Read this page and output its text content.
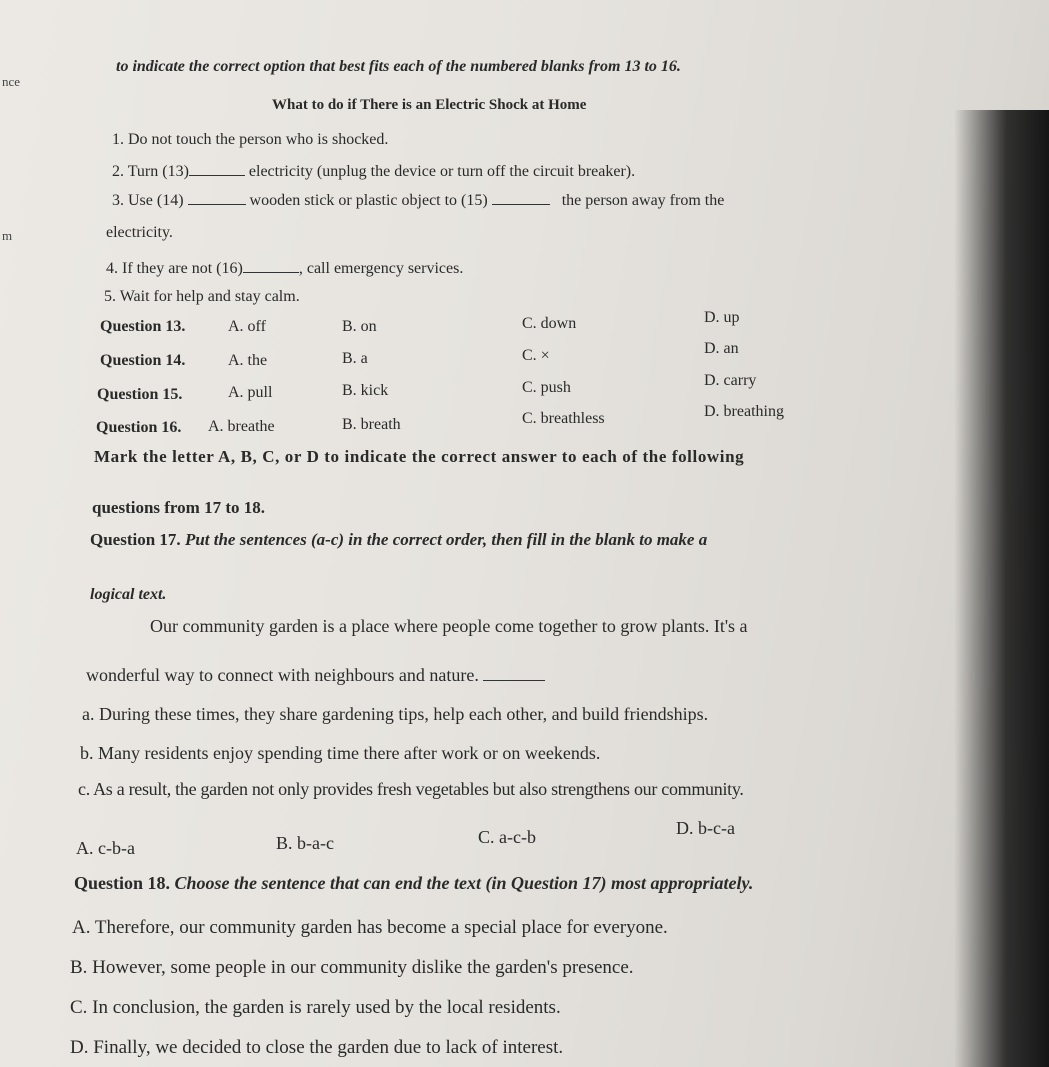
nce
m
to indicate the correct option that best fits each of the numbered blanks from 13 to 16.
What to do if There is an Electric Shock at Home
1. Do not touch the person who is shocked.
2. Turn (13)	electricity (unplug the device or turn off the circuit breaker).
3. Use (14)	wooden stick or plastic object to (15)	the person away from the
electricity.
4. If they are not (16)	, call emergency services.
5. Wait for help and stay calm.
Question 13.	A. off	B. on	C. down	D. up
Question 14.	A. the	B. a	C. ×	D. an
Question 15.	A. pull	B. kick	C. push	D. carry
Question 16. A. breathe	B. breath	C. breathless	D. breathing
Mark the letter A, B, C, or D to indicate the correct answer to each of the following
questions from 17 to 18.
Question 17. Put the sentences (a-c) in the correct order, then fill in the blank to make a
logical text.
Our community garden is a place where people come together to grow plants. It's a
wonderful way to connect with neighbours and nature.
a. During these times, they share gardening tips, help each other, and build friendships.
b. Many residents enjoy spending time there after work or on weekends.
c. As a result, the garden not only provides fresh vegetables but also strengthens our community.
A. c-b-a	B. b-a-c	C. a-c-b	D. b-c-a
Question 18. Choose the sentence that can end the text (in Question 17) most appropriately.
A. Therefore, our community garden has become a special place for everyone.
B. However, some people in our community dislike the garden's presence.
C. In conclusion, the garden is rarely used by the local residents.
D. Finally, we decided to close the garden due to lack of interest.
